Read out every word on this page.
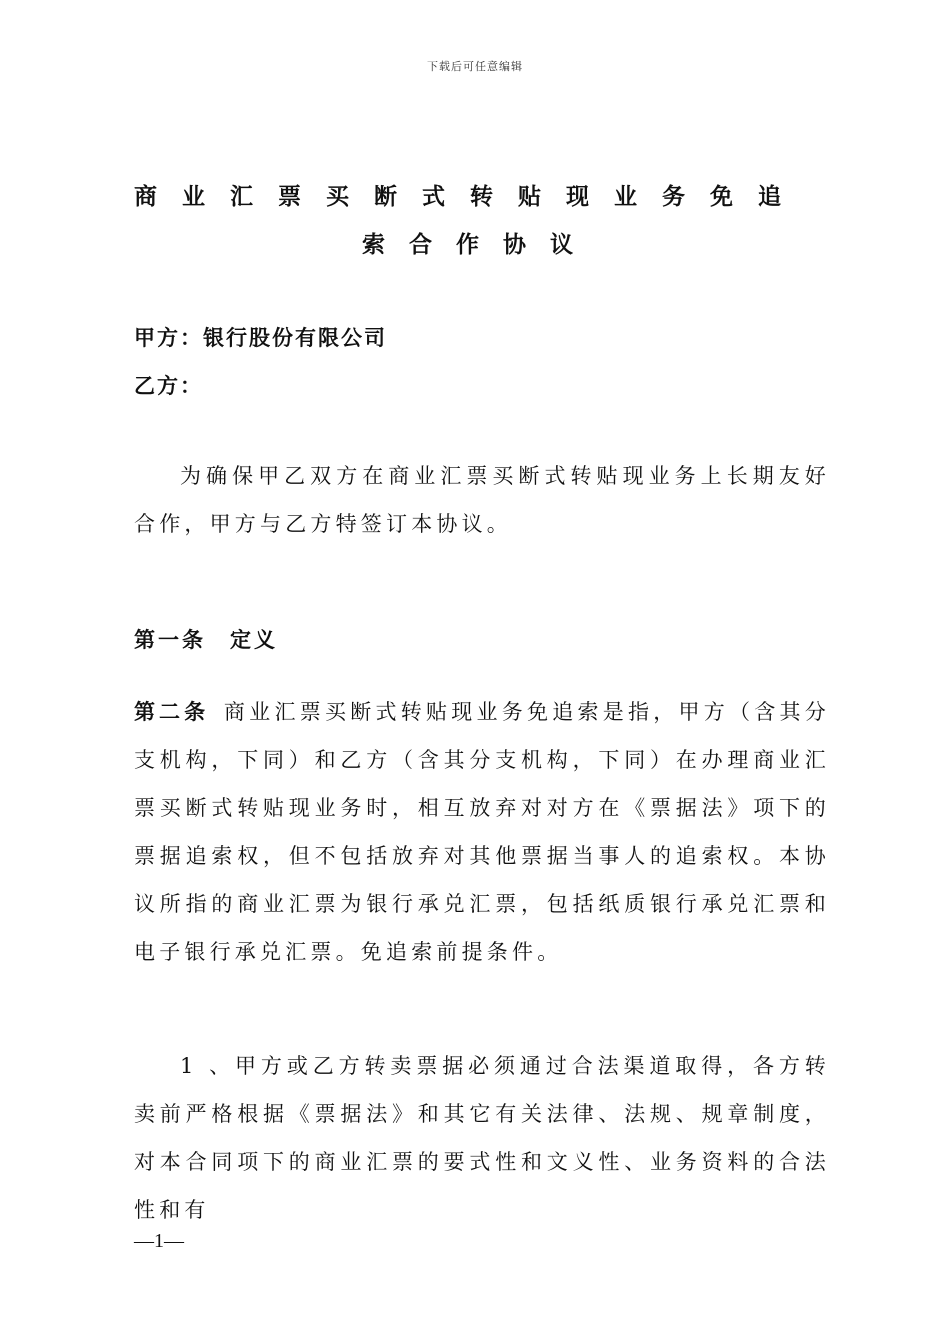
下载后可任意编辑
商业汇票买断式转贴现业务免追
索合作协议
甲方：银行股份有限公司
乙方：
为确保甲乙双方在商业汇票买断式转贴现业务上长期友好合作，甲方与乙方特签订本协议。
第一条 定义
第二条  商业汇票买断式转贴现业务免追索是指，甲方（含其分支机构，下同）和乙方（含其分支机构，下同）在办理商业汇票买断式转贴现业务时，相互放弃对对方在《票据法》项下的票据追索权，但不包括放弃对其他票据当事人的追索权。本协议所指的商业汇票为银行承兑汇票，包括纸质银行承兑汇票和电子银行承兑汇票。免追索前提条件。
1 、甲方或乙方转卖票据必须通过合法渠道取得，各方转卖前严格根据《票据法》和其它有关法律、法规、规章制度，对本合同项下的商业汇票的要式性和文义性、业务资料的合法性和有
—1—
